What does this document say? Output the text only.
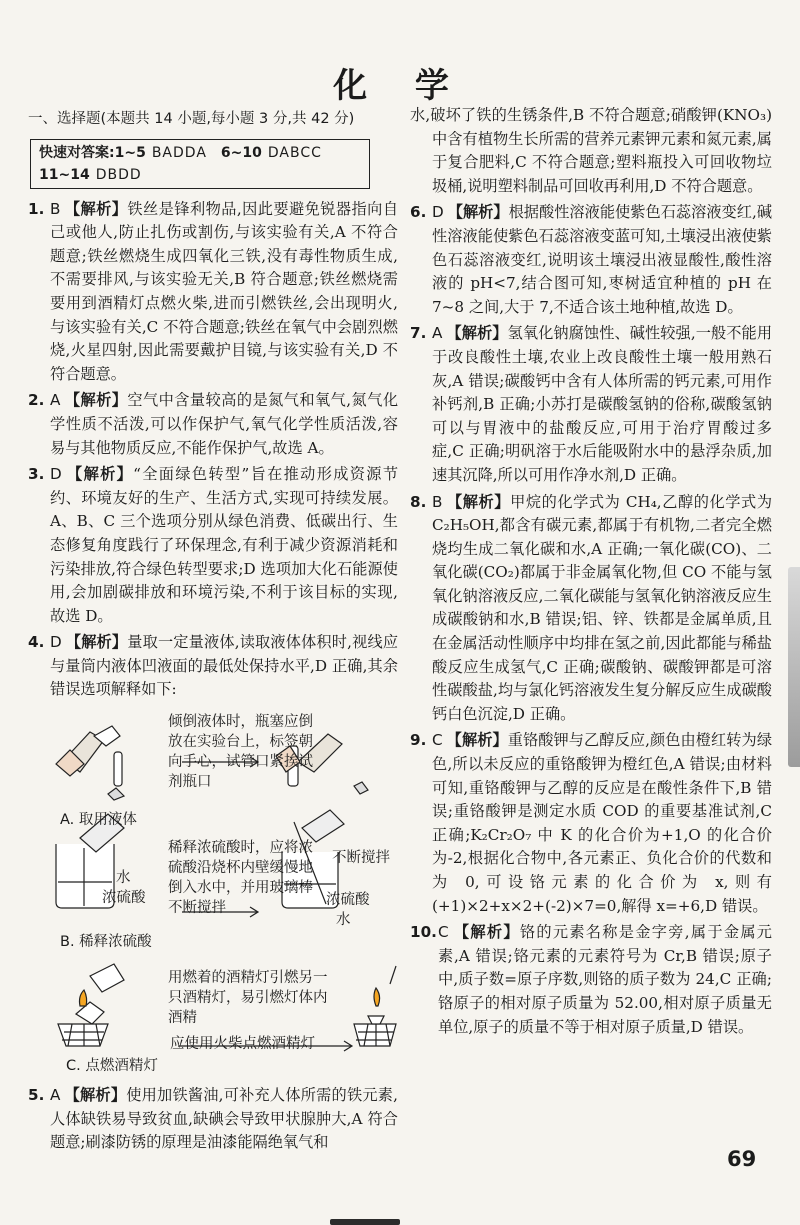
化 学
一、选择题(本题共 14 小题,每小题 3 分,共 42 分)
快速对答案:1~5 BADDA 6~10 DABCC
11~14 DBDD
1. B 【解析】铁丝是锋利物品,因此要避免锐器指向自己或他人,防止扎伤或割伤,与该实验有关,A 不符合题意;铁丝燃烧生成四氧化三铁,没有毒性物质生成,不需要排风,与该实验无关,B 符合题意;铁丝燃烧需要用到酒精灯点燃火柴,进而引燃铁丝,会出现明火,与该实验有关,C 不符合题意;铁丝在氧气中会剧烈燃烧,火星四射,因此需要戴护目镜,与该实验有关,D 不符合题意。
2. A 【解析】空气中含量较高的是氮气和氧气,氮气化学性质不活泼,可以作保护气,氧气化学性质活泼,容易与其他物质反应,不能作保护气,故选 A。
3. D 【解析】“全面绿色转型”旨在推动形成资源节约、环境友好的生产、生活方式,实现可持续发展。A、B、C 三个选项分别从绿色消费、低碳出行、生态修复角度践行了环保理念,有利于减少资源消耗和污染排放,符合绿色转型要求;D 选项加大化石能源使用,会加剧碳排放和环境污染,不利于该目标的实现,故选 D。
4. D 【解析】量取一定量液体,读取液体体积时,视线应与量筒内液体凹液面的最低处保持水平,D 正确,其余错误选项解释如下:
倾倒液体时，瓶塞应倒放在实验台上，标签朝向手心，试管口紧挨试剂瓶口
A. 取用液体
稀释浓硫酸时，应将浓硫酸沿烧杯内壁缓慢地倒入水中，并用玻璃棒不断搅拌
水
浓硫酸
不断搅拌
浓硫酸
水
B. 稀释浓硫酸
用燃着的酒精灯引燃另一只酒精灯，易引燃灯体内酒精
应使用火柴点燃酒精灯
C. 点燃酒精灯
5. A 【解析】使用加铁酱油,可补充人体所需的铁元素,人体缺铁易导致贫血,缺碘会导致甲状腺肿大,A 符合题意;刷漆防锈的原理是油漆能隔绝氧气和
水,破坏了铁的生锈条件,B 不符合题意;硝酸钾(KNO₃)中含有植物生长所需的营养元素钾元素和氮元素,属于复合肥料,C 不符合题意;塑料瓶投入可回收物垃圾桶,说明塑料制品可回收再利用,D 不符合题意。
6. D 【解析】根据酸性溶液能使紫色石蕊溶液变红,碱性溶液能使紫色石蕊溶液变蓝可知,土壤浸出液使紫色石蕊溶液变红,说明该土壤浸出液显酸性,酸性溶液的 pH<7,结合图可知,枣树适宜种植的 pH 在 7~8 之间,大于 7,不适合该土地种植,故选 D。
7. A 【解析】氢氧化钠腐蚀性、碱性较强,一般不能用于改良酸性土壤,农业上改良酸性土壤一般用熟石灰,A 错误;碳酸钙中含有人体所需的钙元素,可用作补钙剂,B 正确;小苏打是碳酸氢钠的俗称,碳酸氢钠可以与胃液中的盐酸反应,可用于治疗胃酸过多症,C 正确;明矾溶于水后能吸附水中的悬浮杂质,加速其沉降,所以可用作净水剂,D 正确。
8. B 【解析】甲烷的化学式为 CH₄,乙醇的化学式为 C₂H₅OH,都含有碳元素,都属于有机物,二者完全燃烧均生成二氧化碳和水,A 正确;一氧化碳(CO)、二氧化碳(CO₂)都属于非金属氧化物,但 CO 不能与氢氧化钠溶液反应,二氧化碳能与氢氧化钠溶液反应生成碳酸钠和水,B 错误;铝、锌、铁都是金属单质,且在金属活动性顺序中均排在氢之前,因此都能与稀盐酸反应生成氢气,C 正确;碳酸钠、碳酸钾都是可溶性碳酸盐,均与氯化钙溶液发生复分解反应生成碳酸钙白色沉淀,D 正确。
9. C 【解析】重铬酸钾与乙醇反应,颜色由橙红转为绿色,所以未反应的重铬酸钾为橙红色,A 错误;由材料可知,重铬酸钾与乙醇的反应是在酸性条件下,B 错误;重铬酸钾是测定水质 COD 的重要基准试剂,C 正确;K₂Cr₂O₇ 中 K 的化合价为+1,O 的化合价为-2,根据化合物中,各元素正、负化合价的代数和为 0,可设铬元素的化合价为 x,则有(+1)×2+x×2+(-2)×7=0,解得 x=+6,D 错误。
10.C 【解析】铬的元素名称是金字旁,属于金属元素,A 错误;铬元素的元素符号为 Cr,B 错误;原子中,质子数=原子序数,则铬的质子数为 24,C 正确;铬原子的相对原子质量为 52.00,相对原子质量无单位,原子的质量不等于相对原子质量,D 错误。
69
